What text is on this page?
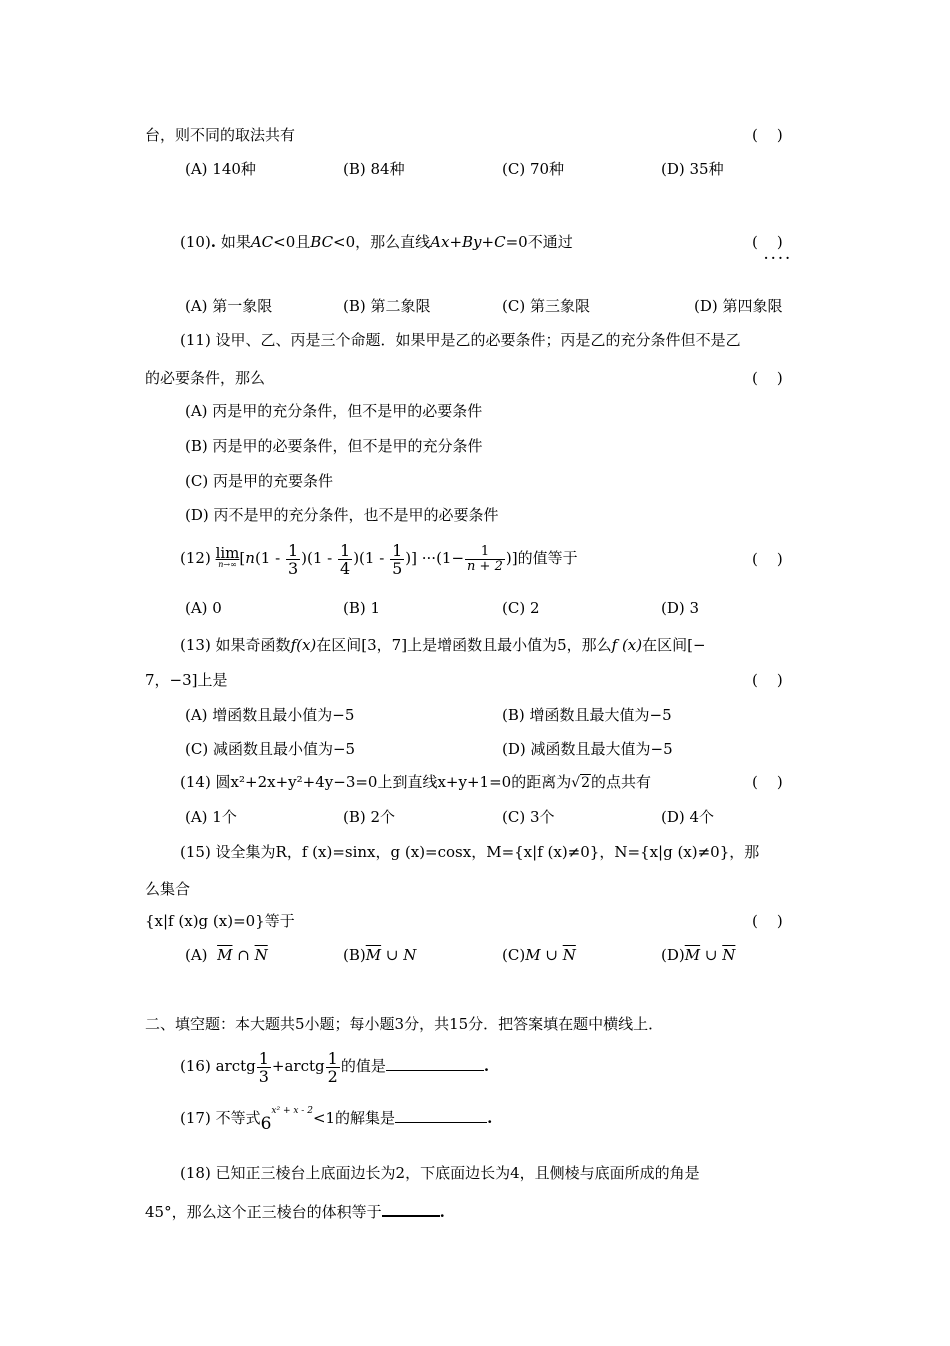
台，则不同的取法共有	(    )
(A) 140种	(B) 84种	(C) 70种	(D) 35种
(10). 如果AC<0且BC<0，那么直线Ax+By+C=0不通过	(    )
....
(A) 第一象限	(B) 第二象限	(C) 第三象限	(D) 第四象限
(11) 设甲、乙、丙是三个命题．如果甲是乙的必要条件；丙是乙的充分条件但不是乙
的必要条件，那么	(    )
(A) 丙是甲的充分条件，但不是甲的必要条件
(B) 丙是甲的必要条件，但不是甲的充分条件
(C) 丙是甲的充要条件
(D) 丙不是甲的充分条件，也不是甲的必要条件
(12) lim
n→∞ [$n(1 - \frac{1}{3} )(1 - \frac{1}{4} )(1 - \frac{1}{5}$ )] $\cdot\cdot\cdot(1- \frac{1}{n + 2}$ )]的值等于	(    )
(A) 0	(B) 1	(C) 2	(D) 3
(13) 如果奇函数f(x)在区间[3，7]上是增函数且最小值为5，那么f (x)在区间[−
7，−3]上是	(    )
(A) 增函数且最小值为−5	(B) 增函数且最大值为−5
(C) 减函数且最小值为−5	(D) 减函数且最大值为−5
(14) 圆x²+2x+y²+4y−3=0上到直线x+y+1=0的距离为√2的点共有	(    )
(A) 1个	(B) 2个	(C) 3个	(D) 4个
(15) 设全集为R，f (x)=sinx，g (x)=cosx，M={x|f (x)≠0}，N={x|g (x)≠0}，那
么集合
{x|f (x)g (x)=0}等于	(    )
(A) $\overline{M}$ ∩ $\overline{N}$	$(B)\overline{M}$ ∪ N	(C)M ∪ $\overline{N}$	$(D)\overline{M}$ ∪ $\overline{N}$
二、填空题：本大题共5小题；每小题3分，共15分．把答案填在题中横线上．
(16) arctg $\frac{1}{3}$ +arctg $\frac{1}{2}$ 的值是	.
(17) 不等式$6^{x^2 + x - 2}<1$的解集是	.
(18) 已知正三棱台上底面边长为2，下底面边长为4，且侧棱与底面所成的角是
45°，那么这个正三棱台的体积等于	.
